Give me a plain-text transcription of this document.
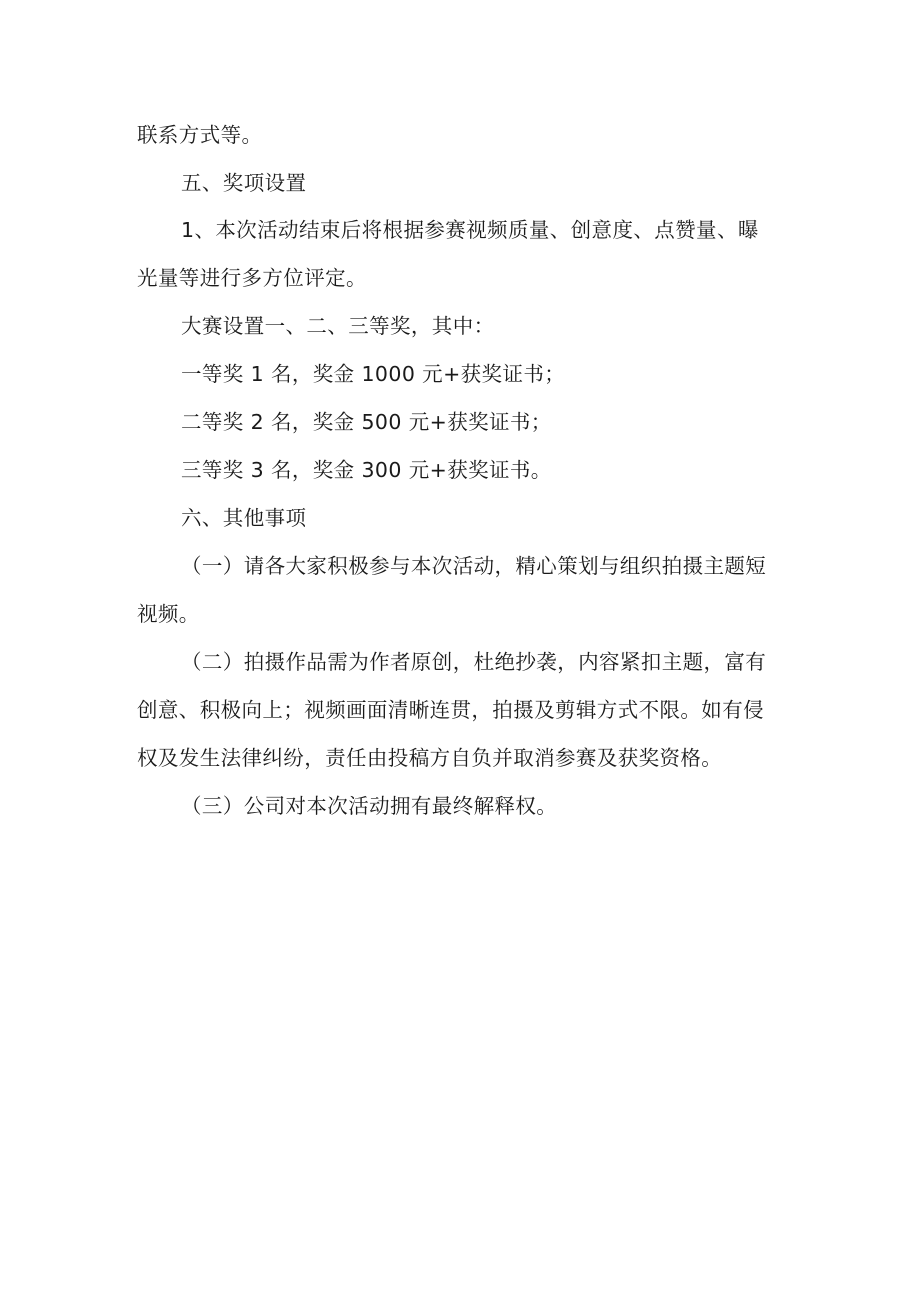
联系方式等。
五、奖项设置
1、本次活动结束后将根据参赛视频质量、创意度、点赞量、曝
光量等进行多方位评定。
大赛设置一、二、三等奖，其中：
一等奖 1 名，奖金 1000 元+获奖证书；
二等奖 2 名，奖金 500 元+获奖证书；
三等奖 3 名，奖金 300 元+获奖证书。
六、其他事项
（一）请各大家积极参与本次活动，精心策划与组织拍摄主题短
视频。
（二）拍摄作品需为作者原创，杜绝抄袭，内容紧扣主题，富有
创意、积极向上；视频画面清晰连贯，拍摄及剪辑方式不限。如有侵
权及发生法律纠纷，责任由投稿方自负并取消参赛及获奖资格。
（三）公司对本次活动拥有最终解释权。
